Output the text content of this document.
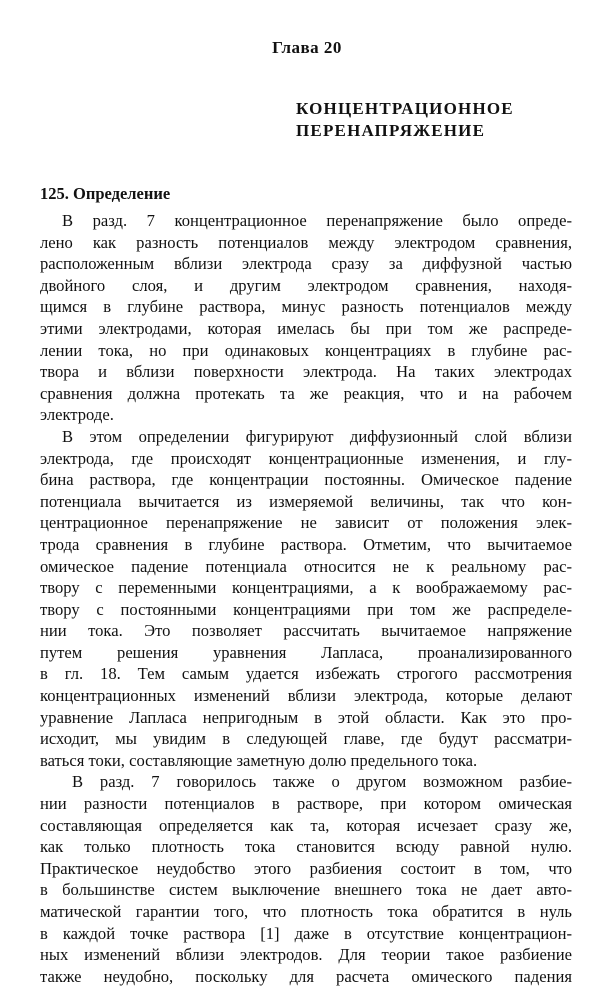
Глава 20
КОНЦЕНТРАЦИОННОЕ
ПЕРЕНАПРЯЖЕНИЕ
125. Определение
В разд. 7 концентрационное перенапряжение было опреде-
лено как разность потенциалов между электродом сравнения,
расположенным вблизи электрода сразу за диффузной частью
двойного слоя, и другим электродом сравнения, находя-
щимся в глубине раствора, минус разность потенциалов между
этими электродами, которая имелась бы при том же распреде-
лении тока, но при одинаковых концентрациях в глубине рас-
твора и вблизи поверхности электрода. На таких электродах
сравнения должна протекать та же реакция, что и на рабочем
электроде.
В этом определении фигурируют диффузионный слой вблизи
электрода, где происходят концентрационные изменения, и глу-
бина раствора, где концентрации постоянны. Омическое падение
потенциала вычитается из измеряемой величины, так что кон-
центрационное перенапряжение не зависит от положения элек-
трода сравнения в глубине раствора. Отметим, что вычитаемое
омическое падение потенциала относится не к реальному рас-
твору с переменными концентрациями, а к воображаемому рас-
твору с постоянными концентрациями при том же распределе-
нии тока. Это позволяет рассчитать вычитаемое напряжение
путем решения уравнения Лапласа, проанализированного
в гл. 18. Тем самым удается избежать строгого рассмотрения
концентрационных изменений вблизи электрода, которые делают
уравнение Лапласа непригодным в этой области. Как это про-
исходит, мы увидим в следующей главе, где будут рассматри-
ваться токи, составляющие заметную долю предельного тока.
В разд. 7 говорилось также о другом возможном разбие-
нии разности потенциалов в растворе, при котором омическая
составляющая определяется как та, которая исчезает сразу же,
как только плотность тока становится всюду равной нулю.
Практическое неудобство этого разбиения состоит в том, что
в большинстве систем выключение внешнего тока не дает авто-
матической гарантии того, что плотность тока обратится в нуль
в каждой точке раствора [1] даже в отсутствие концентрацион-
ных изменений вблизи электродов. Для теории такое разбиение
также неудобно, поскольку для расчета омического падения
